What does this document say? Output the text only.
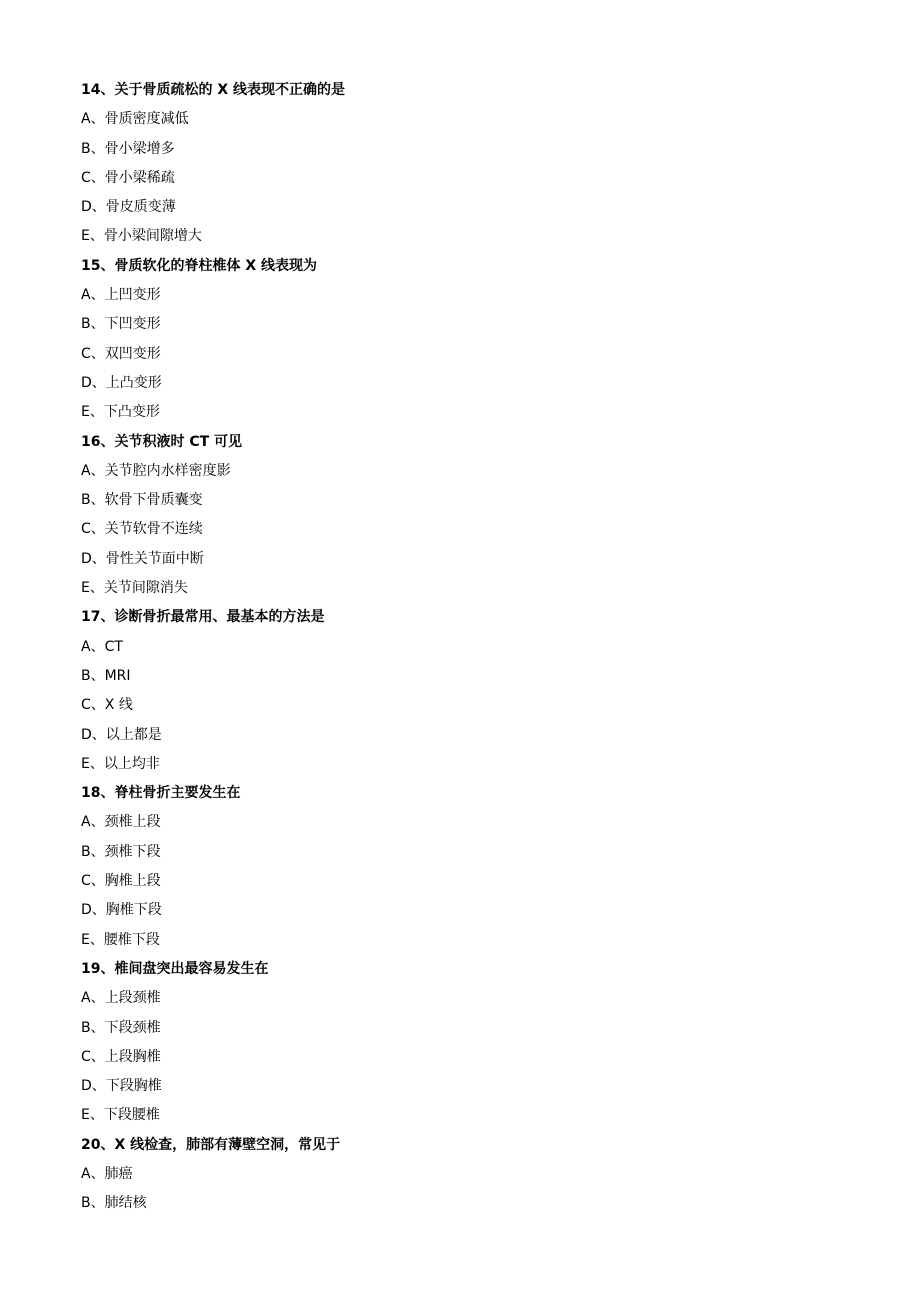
14、关于骨质疏松的 X 线表现不正确的是
A、骨质密度减低
B、骨小梁增多
C、骨小梁稀疏
D、骨皮质变薄
E、骨小梁间隙增大
15、骨质软化的脊柱椎体 X 线表现为
A、上凹变形
B、下凹变形
C、双凹变形
D、上凸变形
E、下凸变形
16、关节积液时 CT 可见
A、关节腔内水样密度影
B、软骨下骨质囊变
C、关节软骨不连续
D、骨性关节面中断
E、关节间隙消失
17、诊断骨折最常用、最基本的方法是
A、CT
B、MRI
C、X 线
D、以上都是
E、以上均非
18、脊柱骨折主要发生在
A、颈椎上段
B、颈椎下段
C、胸椎上段
D、胸椎下段
E、腰椎下段
19、椎间盘突出最容易发生在
A、上段颈椎
B、下段颈椎
C、上段胸椎
D、下段胸椎
E、下段腰椎
20、X 线检查，肺部有薄壁空洞，常见于
A、肺癌
B、肺结核
